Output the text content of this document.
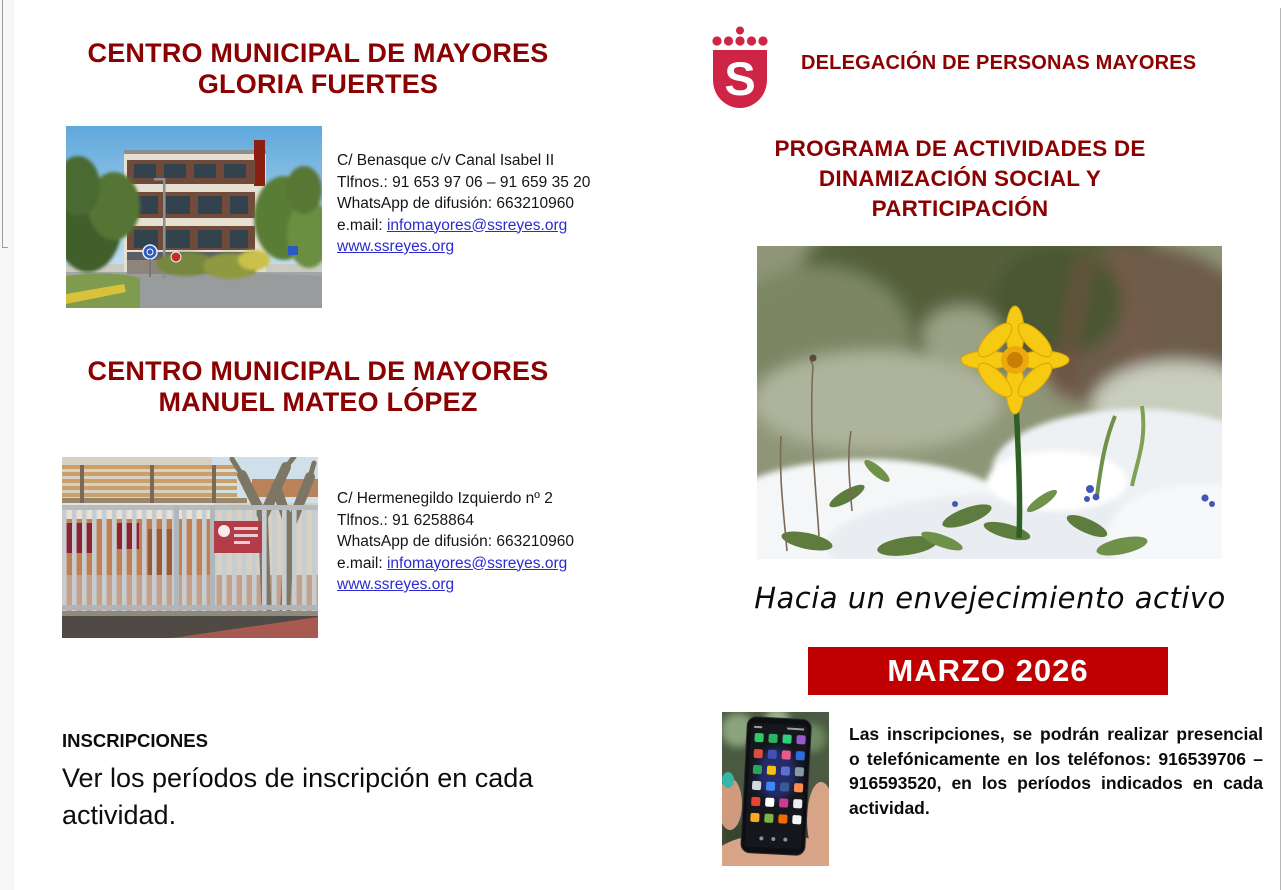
CENTRO MUNICIPAL DE MAYORES
GLORIA FUERTES
C/ Benasque c/v Canal Isabel II
Tlfnos.: 91 653 97 06 – 91 659 35 20
WhatsApp de difusión: 663210960
e.mail: infomayores@ssreyes.org
www.ssreyes.org
CENTRO MUNICIPAL DE MAYORES
MANUEL MATEO LÓPEZ
C/ Hermenegildo Izquierdo nº 2
Tlfnos.: 91 6258864
WhatsApp de difusión: 663210960
e.mail: infomayores@ssreyes.org
www.ssreyes.org
INSCRIPCIONES

Ver los períodos de inscripción en cada actividad.

S DELEGACIÓN DE PERSONAS MAYORES
PROGRAMA DE ACTIVIDADES DE
DINAMIZACIÓN SOCIAL Y
PARTICIPACIÓN
Hacia un envejecimiento activo
MARZO 2026

Las inscripciones, se podrán realizar presencial o telefónicamente en los teléfonos: 916539706 – 916593520, en los períodos indicados en cada actividad.
